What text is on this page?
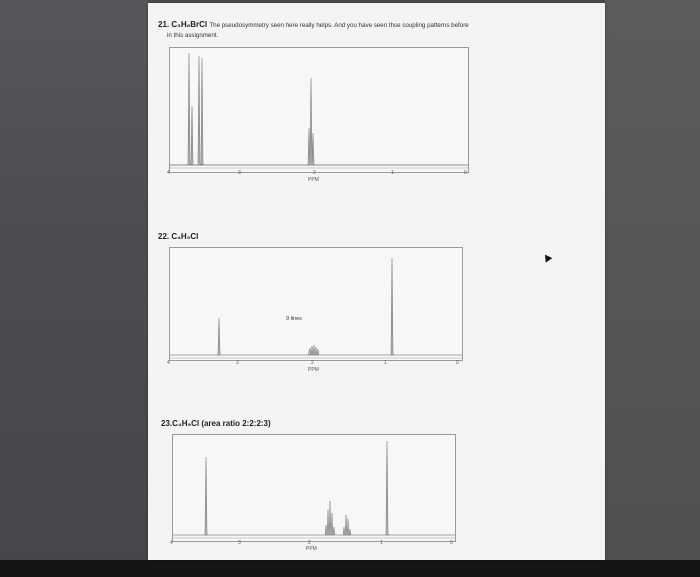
21. C₃H₆BrCl The pseudosymmetry seen here really helps. And you have seen thse coupling patterns before
in this assignment.
4	3	2	1	0
PPM
22. C₄H₉Cl
9 lines
4	3	2	1	0
PPM
23.C₄H₉Cl (area ratio 2:2:2:3)
4	3	2	1	0
PPM
